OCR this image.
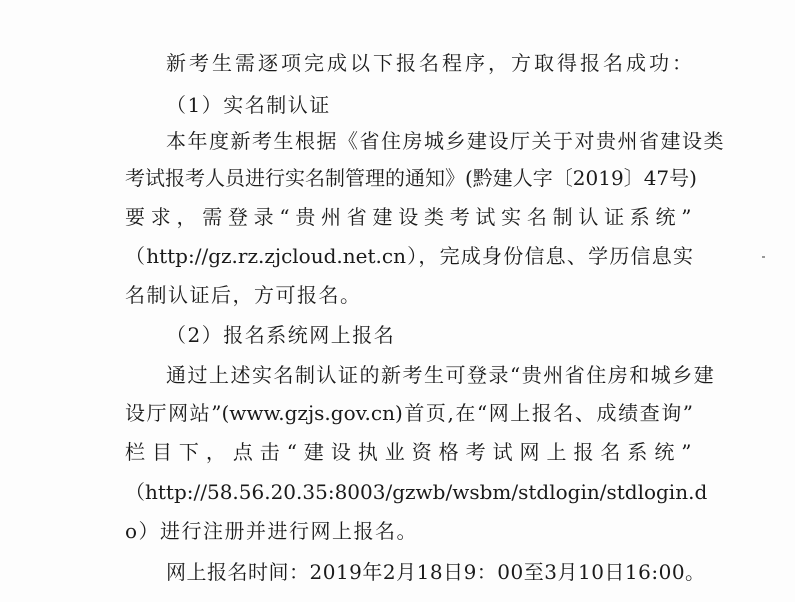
新考生需逐项完成以下报名程序，方取得报名成功：
（1）实名制认证
本年度新考生根据《省住房城乡建设厅关于对贵州省建设类
考试报考人员进行实名制管理的通知》(黔建人字〔2019〕47号)
要求，需登录“贵州省建设类考试实名制认证系统”
（http://gz.rz.zjcloud.net.cn），完成身份信息、学历信息实
名制认证后，方可报名。
（2）报名系统网上报名
通过上述实名制认证的新考生可登录“贵州省住房和城乡建
设厅网站”(www.gzjs.gov.cn)首页,在“网上报名、成绩查询”
栏目下，点击“建设执业资格考试网上报名系统”
（http://58.56.20.35:8003/gzwb/wsbm/stdlogin/stdlogin.d
o）进行注册并进行网上报名。
网上报名时间：2019年2月18日9：00至3月10日16:00。
